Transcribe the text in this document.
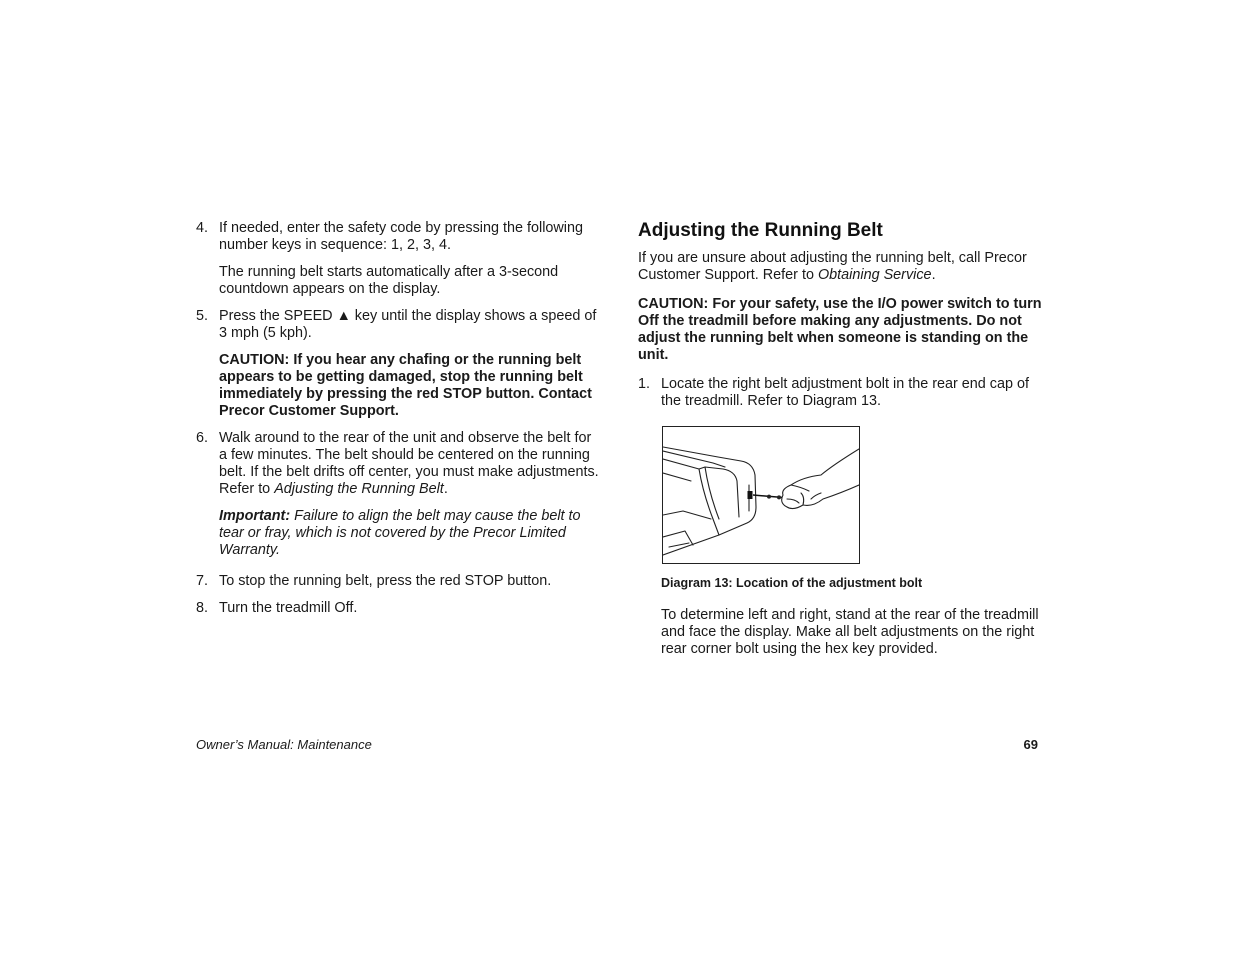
4. If needed, enter the safety code by pressing the following number keys in sequence: 1, 2, 3, 4.
The running belt starts automatically after a 3-second countdown appears on the display.
5. Press the SPEED ▲ key until the display shows a speed of 3 mph (5 kph).
CAUTION: If you hear any chafing or the running belt appears to be getting damaged, stop the running belt immediately by pressing the red STOP button. Contact Precor Customer Support.
6. Walk around to the rear of the unit and observe the belt for a few minutes. The belt should be centered on the running belt. If the belt drifts off center, you must make adjustments. Refer to Adjusting the Running Belt.
Important: Failure to align the belt may cause the belt to tear or fray, which is not covered by the Precor Limited Warranty.
7. To stop the running belt, press the red STOP button.
8. Turn the treadmill Off.
Adjusting the Running Belt

If you are unsure about adjusting the running belt, call Precor Customer Support. Refer to Obtaining Service.

CAUTION: For your safety, use the I/O power switch to turn Off the treadmill before making any adjustments. Do not adjust the running belt when someone is standing on the unit.

1. Locate the right belt adjustment bolt in the rear end cap of the treadmill. Refer to Diagram 13.
Diagram 13: Location of the adjustment bolt
To determine left and right, stand at the rear of the treadmill and face the display. Make all belt adjustments on the right rear corner bolt using the hex key provided.
Owner’s Manual: Maintenance	69
